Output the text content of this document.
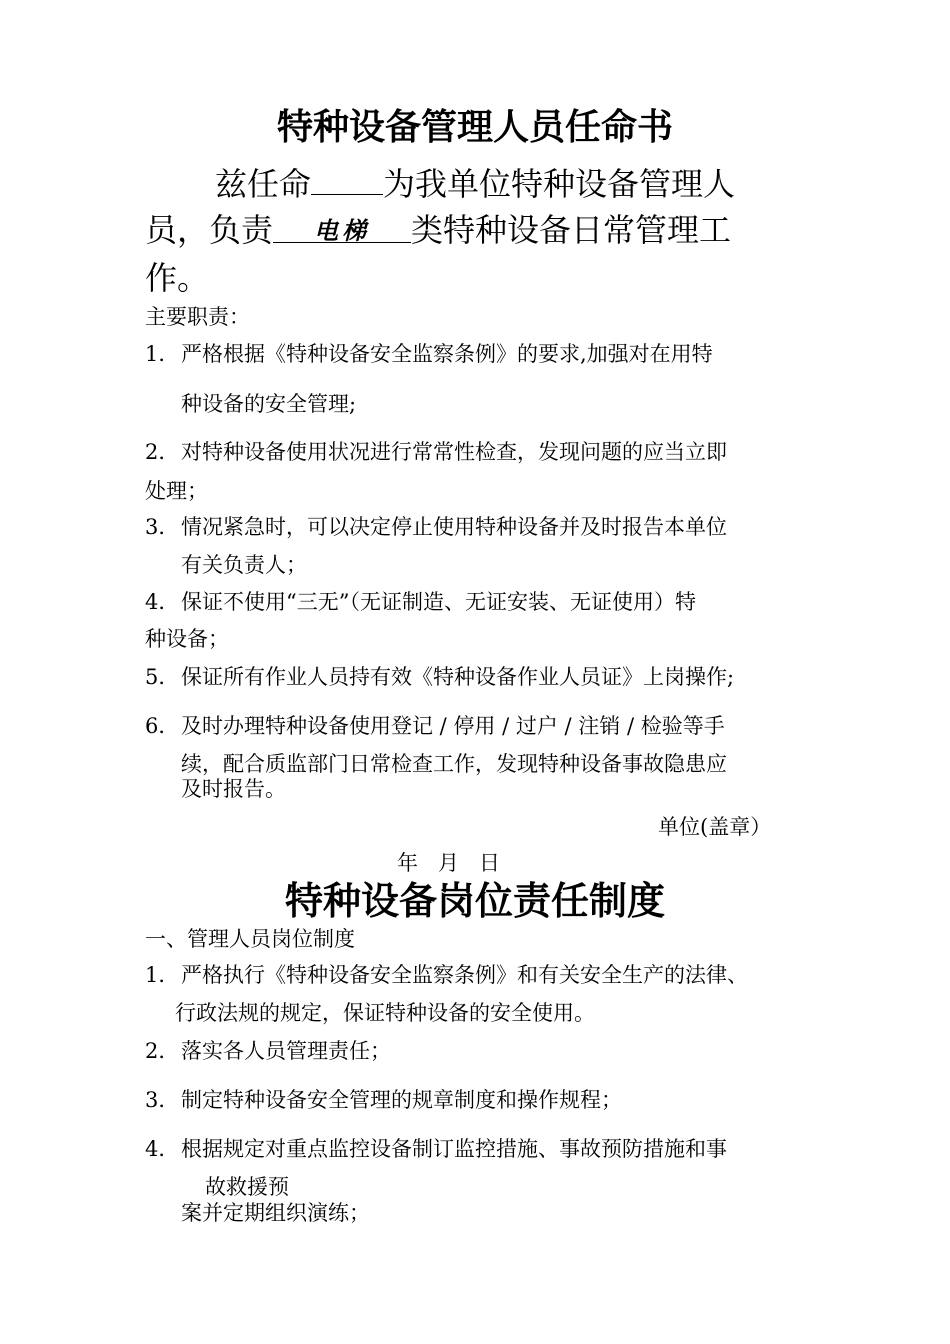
特种设备管理人员任命书
兹任命 为我单位特种设备管理人
员，负责 电梯 类特种设备日常管理工
作。
主要职责：
1．严格根据《特种设备安全监察条例》的要求,加强对在用特
种设备的安全管理;
2．对特种设备使用状况进行常常性检查，发现问题的应当立即
处理；
3．情况紧急时，可以决定停止使用特种设备并及时报告本单位
有关负责人；
4．保证不使用“三无”（无证制造、无证安装、无证使用）特
种设备；
5．保证所有作业人员持有效《特种设备作业人员证》上岗操作;
6．及时办理特种设备使用登记 / 停用 / 过户 / 注销 / 检验等手
续，配合质监部门日常检查工作，发现特种设备事故隐患应
及时报告。
单位(盖章）
年   月   日
特种设备岗位责任制度
一、管理人员岗位制度
1．严格执行《特种设备安全监察条例》和有关安全生产的法律、
行政法规的规定，保证特种设备的安全使用。
2．落实各人员管理责任；
3．制定特种设备安全管理的规章制度和操作规程；
4．根据规定对重点监控设备制订监控措施、事故预防措施和事
故救援预
案并定期组织演练；
